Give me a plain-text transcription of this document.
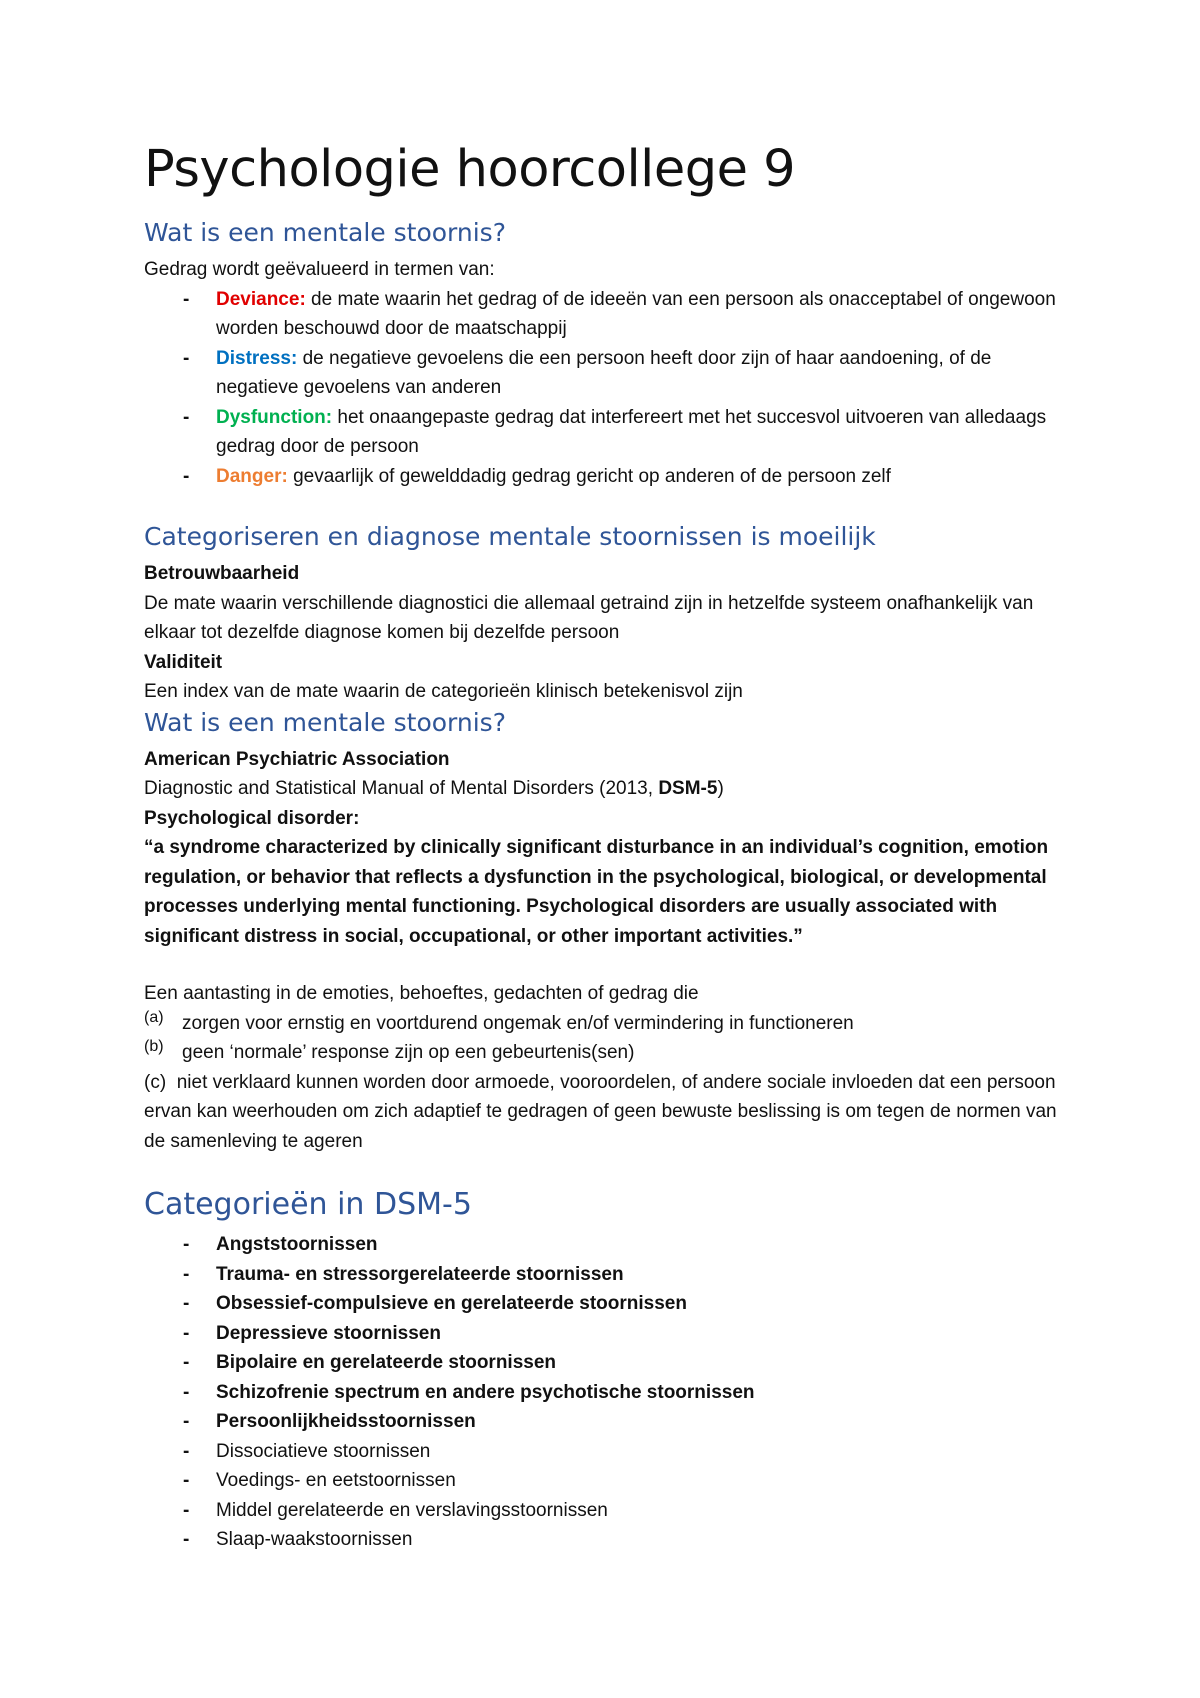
Psychologie hoorcollege 9
Wat is een mentale stoornis?

Gedrag wordt geëvalueerd in termen van:

- Deviance: de mate waarin het gedrag of de ideeën van een persoon als onacceptabel of ongewoon worden beschouwd door de maatschappij
- Distress: de negatieve gevoelens die een persoon heeft door zijn of haar aandoening, of de negatieve gevoelens van anderen
- Dysfunction: het onaangepaste gedrag dat interfereert met het succesvol uitvoeren van alledaags gedrag door de persoon
- Danger: gevaarlijk of gewelddadig gedrag gericht op anderen of de persoon zelf
Categoriseren en diagnose mentale stoornissen is moeilijk

Betrouwbaarheid

De mate waarin verschillende diagnostici die allemaal getraind zijn in hetzelfde systeem onafhankelijk van elkaar tot dezelfde diagnose komen bij dezelfde persoon

Validiteit

Een index van de mate waarin de categorieën klinisch betekenisvol zijn

Wat is een mentale stoornis?

American Psychiatric Association

Diagnostic and Statistical Manual of Mental Disorders (2013, DSM-5)

Psychological disorder:

“a syndrome characterized by clinically significant disturbance in an individual’s cognition, emotion regulation, or behavior that reflects a dysfunction in the psychological, biological, or developmental processes underlying mental functioning. Psychological disorders are usually associated with significant distress in social, occupational, or other important activities.”

Een aantasting in de emoties, behoeftes, gedachten of gedrag die

(a) zorgen voor ernstig en voortdurend ongemak en/of vermindering in functioneren

(b) geen ‘normale’ response zijn op een gebeurtenis(sen)

(c) niet verklaard kunnen worden door armoede, vooroordelen, of andere sociale invloeden dat een persoon ervan kan weerhouden om zich adaptief te gedragen of geen bewuste beslissing is om tegen de normen van de samenleving te ageren

Categorieën in DSM-5
- Angststoornissen
- Trauma- en stressorgerelateerde stoornissen
- Obsessief-compulsieve en gerelateerde stoornissen
- Depressieve stoornissen
- Bipolaire en gerelateerde stoornissen
- Schizofrenie spectrum en andere psychotische stoornissen
- Persoonlijkheidsstoornissen
- Dissociatieve stoornissen
- Voedings- en eetstoornissen
- Middel gerelateerde en verslavingsstoornissen
- Slaap-waakstoornissen
